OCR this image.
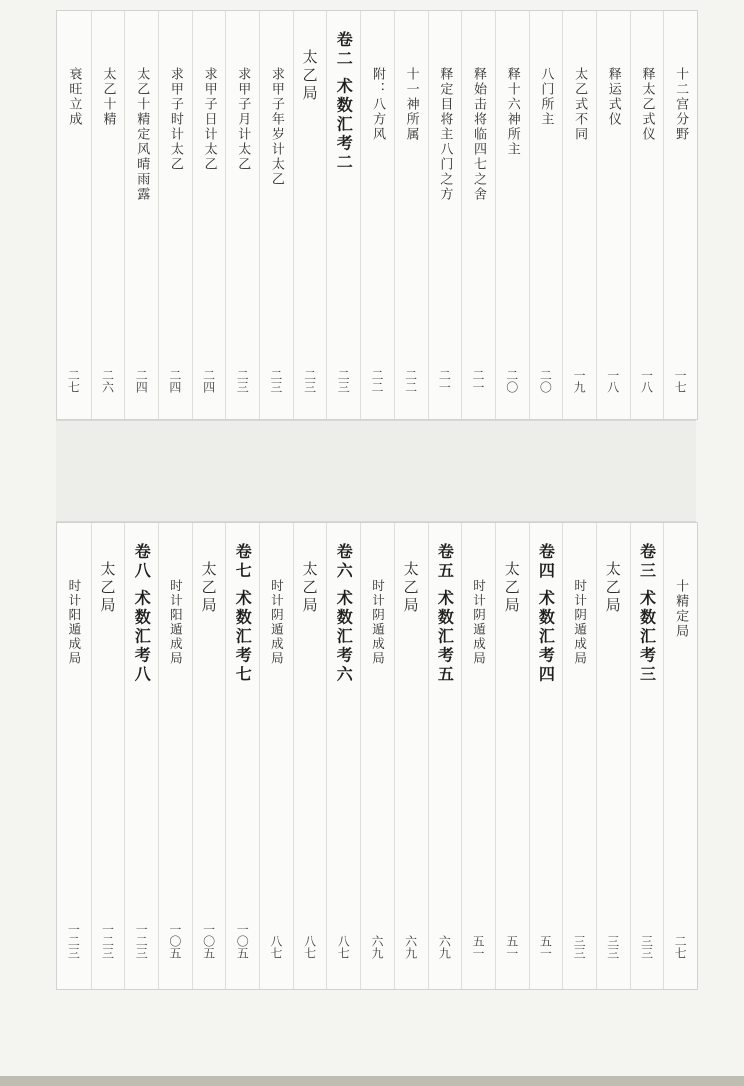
十二宫分野
一七
释太乙式仪
一八
释运式仪
一八
太乙式不同
一九
八门所主
二〇
释十六神所主
二〇
释始击将临四七之舍
二一
释定目将主八门之方
二一
十一神所属
二二
附：八方风
二二
卷二 术数汇考二
二三
太乙局
二三
求甲子年岁计太乙
二三
求甲子月计太乙
二三
求甲子日计太乙
二四
求甲子时计太乙
二四
太乙十精定风晴雨露
二四
太乙十精
二六
衰旺立成
二七
十精定局
二七
卷三 术数汇考三
三三
太乙局
三三
时计阴遁成局
三三
卷四 术数汇考四
五一
太乙局
五一
时计阴遁成局
五一
卷五 术数汇考五
六九
太乙局
六九
时计阴遁成局
六九
卷六 术数汇考六
八七
太乙局
八七
时计阴遁成局
八七
卷七 术数汇考七
一〇五
太乙局
一〇五
时计阳遁成局
一〇五
卷八 术数汇考八
一二三
太乙局
一二三
时计阳遁成局
一二三
